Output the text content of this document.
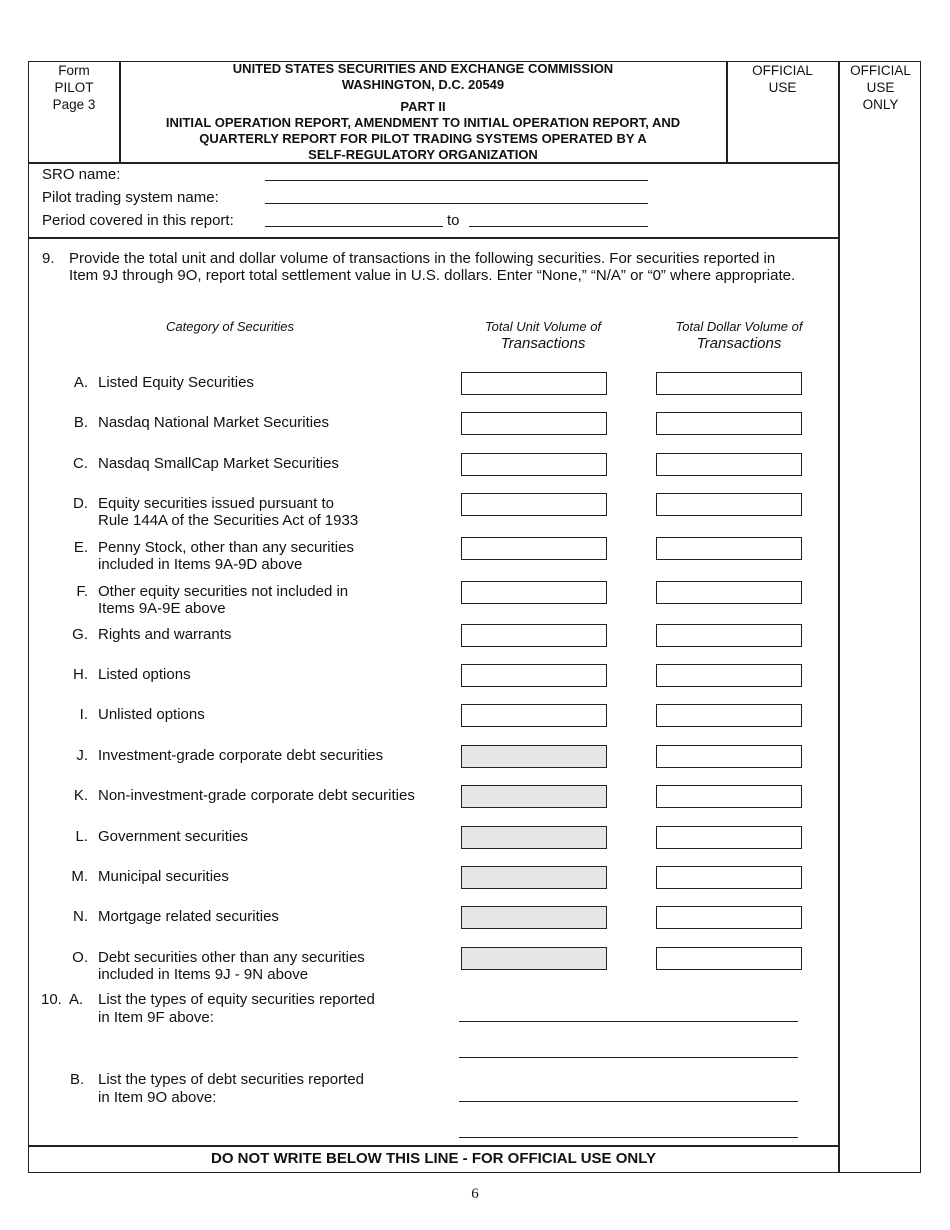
Form
PILOT
Page 3
UNITED STATES SECURITIES AND EXCHANGE COMMISSION
WASHINGTON, D.C. 20549
PART II
INITIAL OPERATION REPORT, AMENDMENT TO INITIAL OPERATION REPORT, AND
QUARTERLY REPORT FOR PILOT TRADING SYSTEMS OPERATED BY A
SELF-REGULATORY ORGANIZATION
OFFICIAL
USE
OFFICIAL
USE
ONLY
SRO name:
Pilot trading system name:
Period covered in this report:	to
9. Provide the total unit and dollar volume of transactions in the following securities. For securities reported in
Item 9J through 9O, report total settlement value in U.S. dollars. Enter “None,” “N/A” or “0” where appropriate.
Category of Securities	Total Unit Volume of
Transactions
Total Dollar Volume of
Transactions
A. Listed Equity Securities
B. Nasdaq National Market Securities
C. Nasdaq SmallCap Market Securities
D. Equity securities issued pursuant to
Rule 144A of the Securities Act of 1933
E. Penny Stock, other than any securities
included in Items 9A-9D above
F. Other equity securities not included in
Items 9A-9E above
G. Rights and warrants
H. Listed options
I. Unlisted options
J. Investment-grade corporate debt securities
K. Non-investment-grade corporate debt securities
L. Government securities
M. Municipal securities
N. Mortgage related securities
O. Debt securities other than any securities
included in Items 9J - 9N above
10. A. List the types of equity securities reported
in Item 9F above:
B. List the types of debt securities reported
in Item 9O above:
DO NOT WRITE BELOW THIS LINE - FOR OFFICIAL USE ONLY
6
